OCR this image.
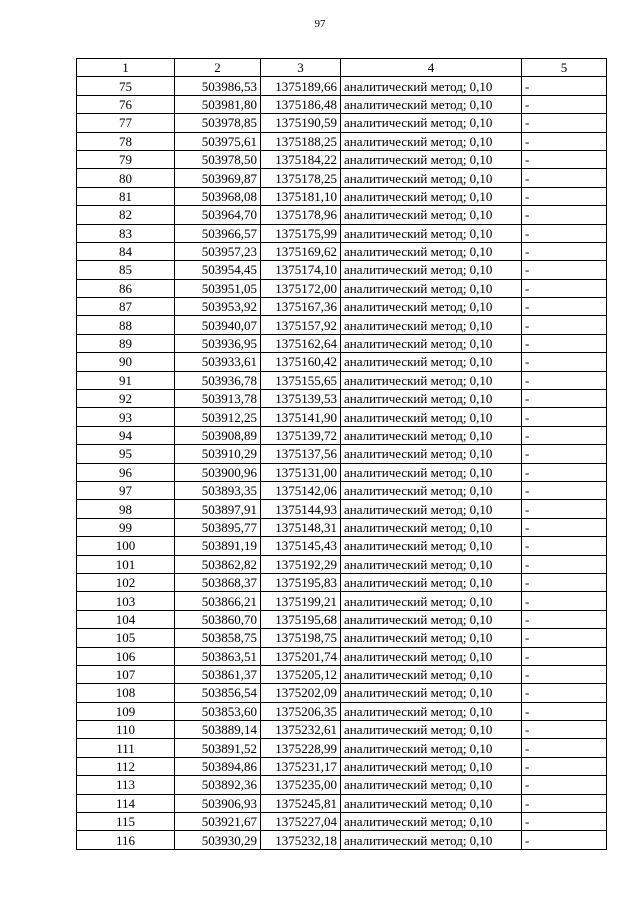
97
1	2	3	4	5
75	503986,53	1375189,66	аналитический метод; 0,10	-
76	503981,80	1375186,48	аналитический метод; 0,10	-
77	503978,85	1375190,59	аналитический метод; 0,10	-
78	503975,61	1375188,25	аналитический метод; 0,10	-
79	503978,50	1375184,22	аналитический метод; 0,10	-
80	503969,87	1375178,25	аналитический метод; 0,10	-
81	503968,08	1375181,10	аналитический метод; 0,10	-
82	503964,70	1375178,96	аналитический метод; 0,10	-
83	503966,57	1375175,99	аналитический метод; 0,10	-
84	503957,23	1375169,62	аналитический метод; 0,10	-
85	503954,45	1375174,10	аналитический метод; 0,10	-
86	503951,05	1375172,00	аналитический метод; 0,10	-
87	503953,92	1375167,36	аналитический метод; 0,10	-
88	503940,07	1375157,92	аналитический метод; 0,10	-
89	503936,95	1375162,64	аналитический метод; 0,10	-
90	503933,61	1375160,42	аналитический метод; 0,10	-
91	503936,78	1375155,65	аналитический метод; 0,10	-
92	503913,78	1375139,53	аналитический метод; 0,10	-
93	503912,25	1375141,90	аналитический метод; 0,10	-
94	503908,89	1375139,72	аналитический метод; 0,10	-
95	503910,29	1375137,56	аналитический метод; 0,10	-
96	503900,96	1375131,00	аналитический метод; 0,10	-
97	503893,35	1375142,06	аналитический метод; 0,10	-
98	503897,91	1375144,93	аналитический метод; 0,10	-
99	503895,77	1375148,31	аналитический метод; 0,10	-
100	503891,19	1375145,43	аналитический метод; 0,10	-
101	503862,82	1375192,29	аналитический метод; 0,10	-
102	503868,37	1375195,83	аналитический метод; 0,10	-
103	503866,21	1375199,21	аналитический метод; 0,10	-
104	503860,70	1375195,68	аналитический метод; 0,10	-
105	503858,75	1375198,75	аналитический метод; 0,10	-
106	503863,51	1375201,74	аналитический метод; 0,10	-
107	503861,37	1375205,12	аналитический метод; 0,10	-
108	503856,54	1375202,09	аналитический метод; 0,10	-
109	503853,60	1375206,35	аналитический метод; 0,10	-
110	503889,14	1375232,61	аналитический метод; 0,10	-
111	503891,52	1375228,99	аналитический метод; 0,10	-
112	503894,86	1375231,17	аналитический метод; 0,10	-
113	503892,36	1375235,00	аналитический метод; 0,10	-
114	503906,93	1375245,81	аналитический метод; 0,10	-
115	503921,67	1375227,04	аналитический метод; 0,10	-
116	503930,29	1375232,18	аналитический метод; 0,10	-
